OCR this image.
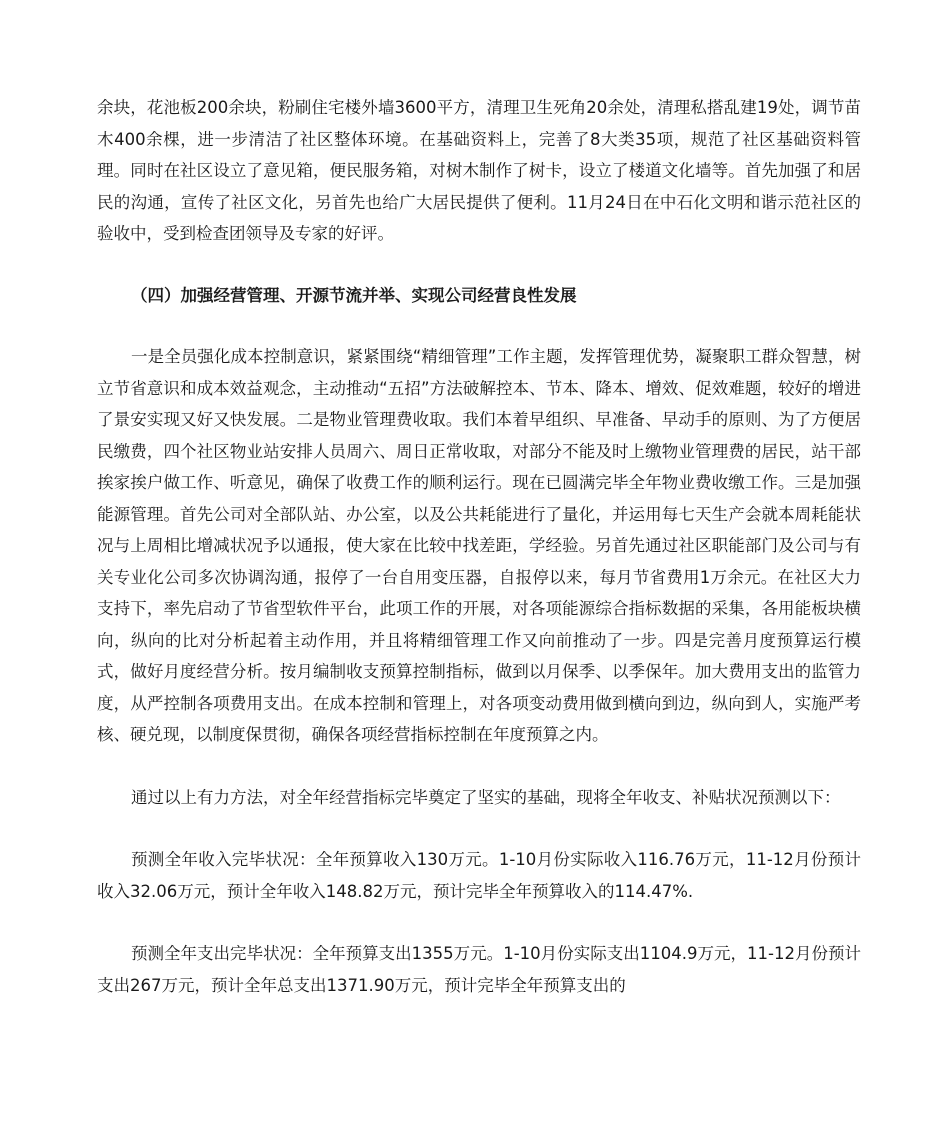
余块，花池板200余块，粉刷住宅楼外墙3600平方，清理卫生死角20余处，清理私搭乱建19处，调节苗木400余棵，进一步清洁了社区整体环境。在基础资料上，完善了8大类35项，规范了社区基础资料管理。同时在社区设立了意见箱，便民服务箱，对树木制作了树卡，设立了楼道文化墙等。首先加强了和居民的沟通，宣传了社区文化，另首先也给广大居民提供了便利。11月24日在中石化文明和谐示范社区的验收中，受到检查团领导及专家的好评。

（四）加强经营管理、开源节流并举、实现公司经营良性发展

一是全员强化成本控制意识，紧紧围绕“精细管理”工作主题，发挥管理优势，凝聚职工群众智慧，树立节省意识和成本效益观念，主动推动“五招”方法破解控本、节本、降本、增效、促效难题，较好的增进了景安实现又好又快发展。二是物业管理费收取。我们本着早组织、早准备、早动手的原则、为了方便居民缴费，四个社区物业站安排人员周六、周日正常收取，对部分不能及时上缴物业管理费的居民，站干部挨家挨户做工作、听意见，确保了收费工作的顺利运行。现在已圆满完毕全年物业费收缴工作。三是加强能源管理。首先公司对全部队站、办公室，以及公共耗能进行了量化，并运用每七天生产会就本周耗能状况与上周相比增减状况予以通报，使大家在比较中找差距，学经验。另首先通过社区职能部门及公司与有关专业化公司多次协调沟通，报停了一台自用变压器，自报停以来，每月节省费用1万余元。在社区大力支持下，率先启动了节省型软件平台，此项工作的开展，对各项能源综合指标数据的采集，各用能板块横向，纵向的比对分析起着主动作用，并且将精细管理工作又向前推动了一步。四是完善月度预算运行模式，做好月度经营分析。按月编制收支预算控制指标，做到以月保季、以季保年。加大费用支出的监管力度，从严控制各项费用支出。在成本控制和管理上，对各项变动费用做到横向到边，纵向到人，实施严考核、硬兑现，以制度保贯彻，确保各项经营指标控制在年度预算之内。

通过以上有力方法，对全年经营指标完毕奠定了坚实的基础，现将全年收支、补贴状况预测以下：

预测全年收入完毕状况：全年预算收入130万元。1-10月份实际收入116.76万元，11-12月份预计收入32.06万元，预计全年收入148.82万元，预计完毕全年预算收入的114.47%.

预测全年支出完毕状况：全年预算支出1355万元。1-10月份实际支出1104.9万元，11-12月份预计支出267万元，预计全年总支出1371.90万元，预计完毕全年预算支出的
